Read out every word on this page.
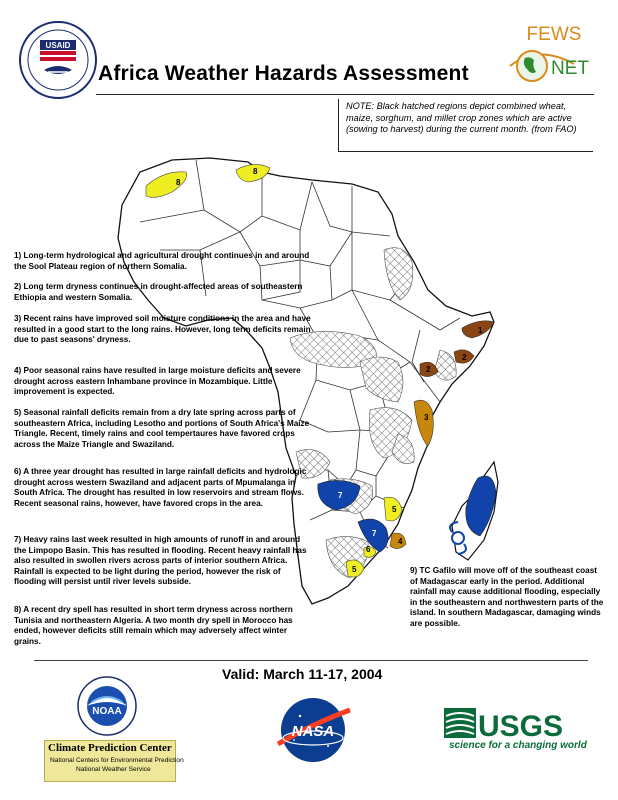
USAID
Africa Weather Hazards Assessment
FEWS
NET
NOTE: Black hatched regions depict combined wheat, maize, sorghum, and millet crop zones which are active (sowing to harvest) during the current month. (from FAO)
8
8
1
2
2
3
7
7
5
4
6
5
9
1) Long-term hydrological and agricultural drought continues in and around the Sool Plateau region of northern Somalia.
2) Long term dryness continues in drought-affected areas of southeastern Ethiopia and western Somalia.
3) Recent rains have improved soil moisture conditions in the area and have resulted in a good start to the long rains. However, long term deficits remain due to past seasons' dryness.
4) Poor seasonal rains have resulted in large moisture deficits and severe drought across eastern Inhambane province in Mozambique. Little improvement is expected.
5) Seasonal rainfall deficits remain from a dry late spring across parts of southeastern Africa, including Lesotho and portions of South Africa's Maize Triangle. Recent, timely rains and cool tempertaures have favored crops across the Maize Triangle and Swaziland.
6) A three year drought has resulted in large rainfall deficits and hydrologic drought across western Swaziland and adjacent parts of Mpumalanga in South Africa. The drought has resulted in low reservoirs and stream flows. Recent seasonal rains, however, have favored crops in the area.
7) Heavy rains last week resulted in high amounts of runoff in and around the Limpopo Basin. This has resulted in flooding. Recent heavy rainfall has also resulted in swollen rivers across parts of interior southern Africa. Rainfall is expected to be light during the period, however the risk of flooding will persist until river levels subside.
8) A recent dry spell has resulted in short term dryness across northern Tunisia and northeastern Algeria. A two month dry spell in Morocco has ended, however deficits still remain which may adversely affect winter grains.
9) TC Gafilo will move off of the southeast coast of Madagascar early in the period. Additional rainfall may cause additional flooding, especially in the southeastern and northwestern parts of the island. In southern Madagascar, damaging winds are possible.
Valid: March 11-17, 2004
NOAA
Climate Prediction Center
National Centers for Environmental Prediction
National Weather Service
NASA	USGS
science for a changing world
